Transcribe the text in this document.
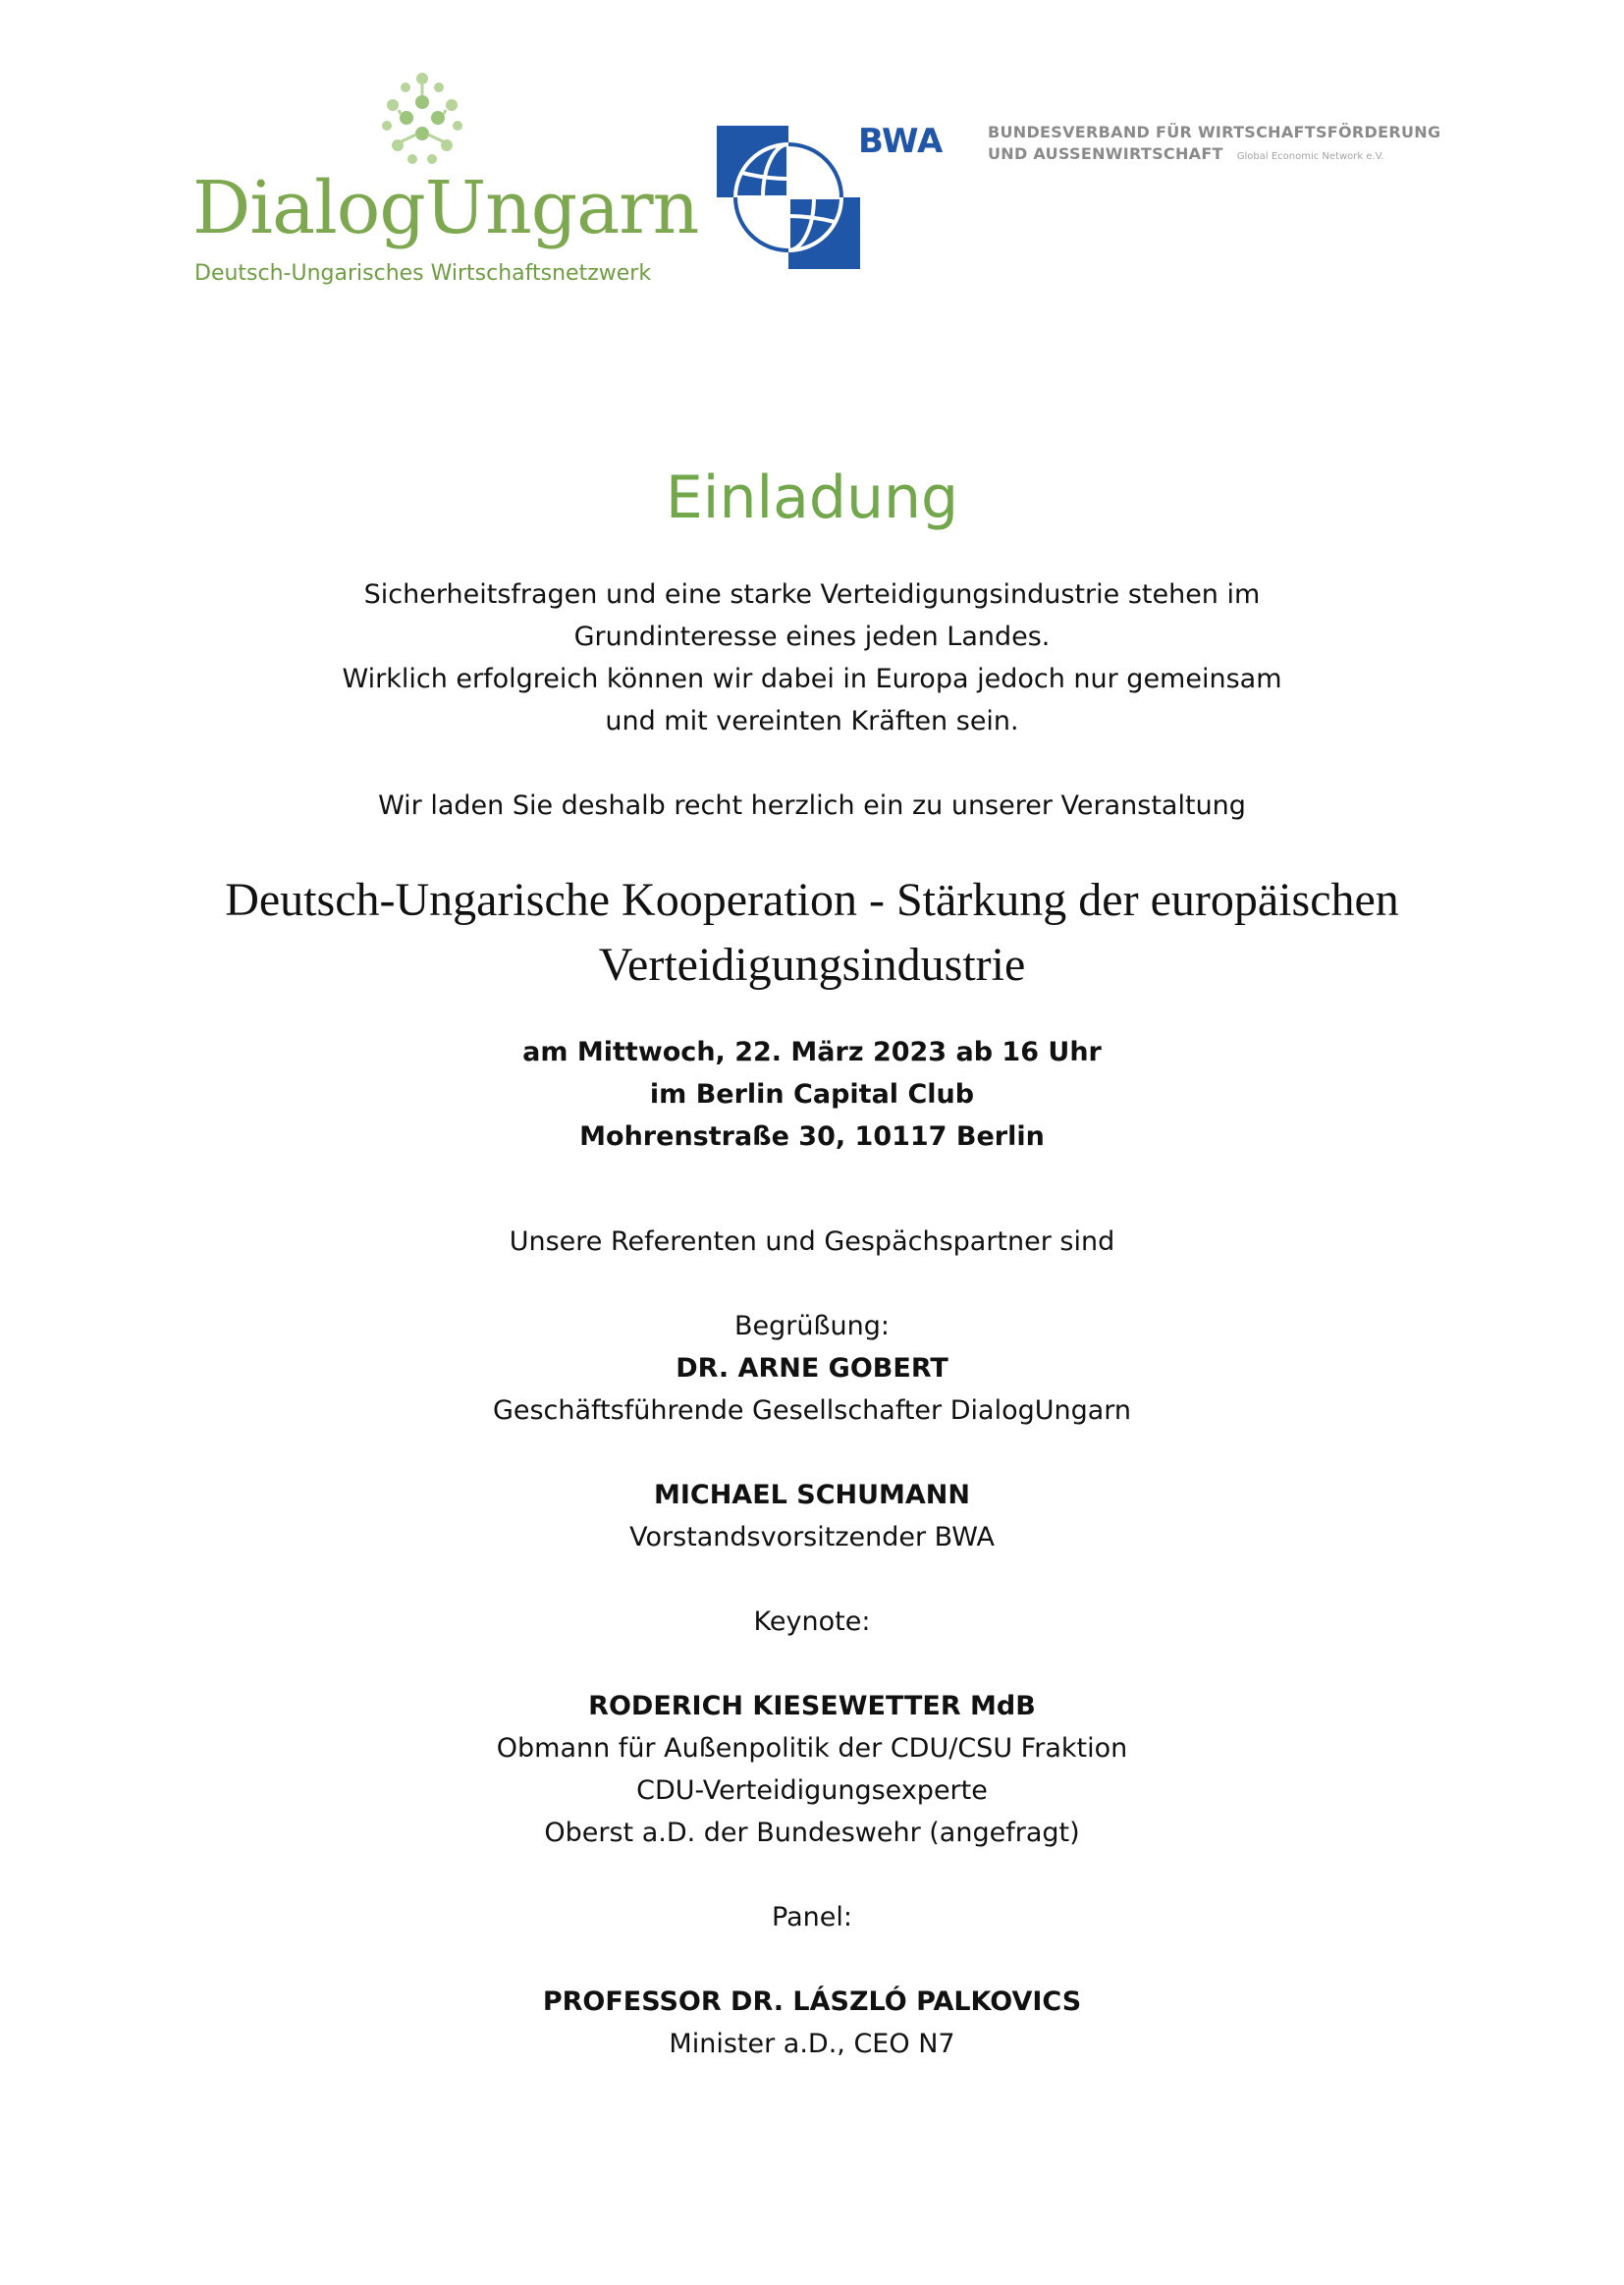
DialogUngarn
Deutsch-Ungarisches Wirtschaftsnetzwerk
BWA	BUNDESVERBAND FÜR WIRTSCHAFTSFÖRDERUNG
UND AUSSENWIRTSCHAFT Global Economic Network e.V.
Einladung

Sicherheitsfragen und eine starke Verteidigungsindustrie stehen im

Grundinteresse eines jeden Landes.

Wirklich erfolgreich können wir dabei in Europa jedoch nur gemeinsam

und mit vereinten Kräften sein.

Wir laden Sie deshalb recht herzlich ein zu unserer Veranstaltung

Deutsch-Ungarische Kooperation - Stärkung der europäischen
Verteidigungsindustrie

am Mittwoch, 22. März 2023 ab 16 Uhr

im Berlin Capital Club

Mohrenstraße 30, 10117 Berlin

Unsere Referenten und Gespächspartner sind

Begrüßung:

DR. ARNE GOBERT

Geschäftsführende Gesellschafter DialogUngarn

MICHAEL SCHUMANN

Vorstandsvorsitzender BWA

Keynote:

RODERICH KIESEWETTER MdB

Obmann für Außenpolitik der CDU/CSU Fraktion

CDU-Verteidigungsexperte

Oberst a.D. der Bundeswehr (angefragt)

Panel:

PROFESSOR DR. LÁSZLÓ PALKOVICS

Minister a.D., CEO N7
